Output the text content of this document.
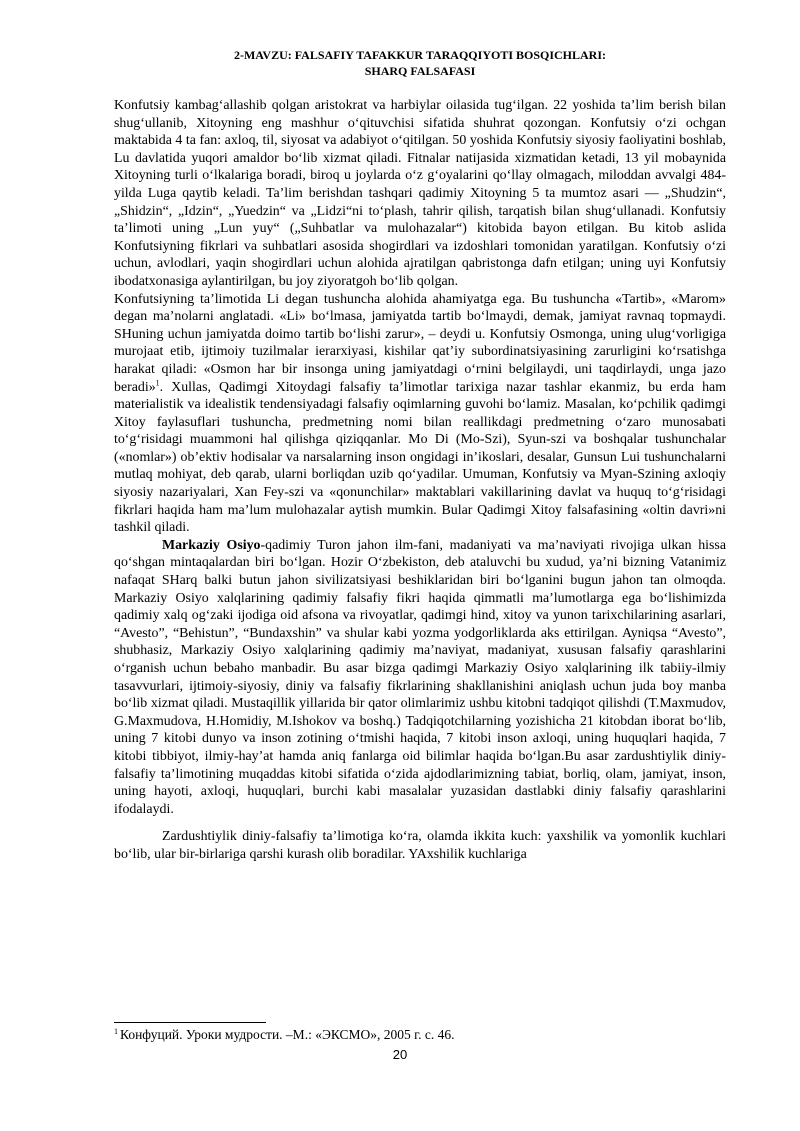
2-MAVZU: FALSAFIY TAFAKKUR TARAQQIYOTI BOSQICHLARI:
SHARQ FALSAFASI

Konfutsiy kambag‘allashib qolgan aristokrat va harbiylar oilasida tug‘ilgan. 22 yoshida ta’lim berish bilan shug‘ullanib, Xitoyning eng mashhur o‘qituvchisi sifatida shuhrat qozongan. Konfutsiy o‘zi ochgan maktabida 4 ta fan: axloq, til, siyosat va adabiyot o‘qitilgan. 50 yoshida Konfutsiy siyosiy faoliyatini boshlab, Lu davlatida yuqori amaldor bo‘lib xizmat qiladi. Fitnalar natijasida xizmatidan ketadi, 13 yil mobaynida Xitoyning turli o‘lkalariga boradi, biroq u joylarda o‘z g‘oyalarini qo‘llay olmagach, miloddan avvalgi 484-yilda Luga qaytib keladi. Ta’lim berishdan tashqari qadimiy Xitoyning 5 ta mumtoz asari — „Shudzin“, „Shidzin“, „Idzin“, „Yuedzin“ va „Lidzi“ni to‘plash, tahrir qilish, tarqatish bilan shug‘ullanadi. Konfutsiy ta’limoti uning „Lun yuy“ („Suhbatlar va mulohazalar“) kitobida bayon etilgan. Bu kitob aslida Konfutsiyning fikrlari va suhbatlari asosida shogirdlari va izdoshlari tomonidan yaratilgan. Konfutsiy o‘zi uchun, avlodlari, yaqin shogirdlari uchun alohida ajratilgan qabristonga dafn etilgan; uning uyi Konfutsiy ibodatxonasiga aylantirilgan, bu joy ziyoratgoh bo‘lib qolgan.

Konfutsiyning ta’limotida Li degan tushuncha alohida ahamiyatga ega. Bu tushuncha «Tartib», «Marom» degan ma’nolarni anglatadi. «Li» bo‘lmasa, jamiyatda tartib bo‘lmaydi, demak, jamiyat ravnaq topmaydi. SHuning uchun jamiyatda doimo tartib bo‘lishi zarur», – deydi u. Konfutsiy Osmonga, uning ulug‘vorligiga murojaat etib, ijtimoiy tuzilmalar ierarxiyasi, kishilar qat’iy subordinatsiyasining zarurligini ko‘rsatishga harakat qiladi: «Osmon har bir insonga uning jamiyatdagi o‘rnini belgilaydi, uni taqdirlaydi, unga jazo beradi»$^1$. Xullas, Qadimgi Xitoydagi falsafiy ta’limotlar tarixiga nazar tashlar ekanmiz, bu erda ham materialistik va idealistik tendensiyadagi falsafiy oqimlarning guvohi bo‘lamiz. Masalan, ko‘pchilik qadimgi Xitoy faylasuflari tushuncha, predmetning nomi bilan reallikdagi predmetning o‘zaro munosabati to‘g‘risidagi muammoni hal qilishga qiziqqanlar. Mo Di (Mo-Szi), Syun-szi va boshqalar tushunchalar («nomlar») ob’ektiv hodisalar va narsalarning inson ongidagi in’ikoslari, desalar, Gunsun Lui tushunchalarni mutlaq mohiyat, deb qarab, ularni borliqdan uzib qo‘yadilar. Umuman, Konfutsiy va Myan-Szining axloqiy siyosiy nazariyalari, Xan Fey-szi va «qonunchilar» maktablari vakillarining davlat va huquq to‘g‘risidagi fikrlari haqida ham ma’lum mulohazalar aytish mumkin. Bular Qadimgi Xitoy falsafasining «oltin davri»ni tashkil qiladi.

Markaziy Osiyo-qadimiy Turon jahon ilm-fani, madaniyati va ma’naviyati rivojiga ulkan hissa qo‘shgan mintaqalardan biri bo‘lgan. Hozir O‘zbekiston, deb ataluvchi bu xudud, ya’ni bizning Vatanimiz nafaqat SHarq balki butun jahon sivilizatsiyasi beshiklaridan biri bo‘lganini bugun jahon tan olmoqda. Markaziy Osiyo xalqlarining qadimiy falsafiy fikri haqida qimmatli ma’lumotlarga ega bo‘lishimizda qadimiy xalq og‘zaki ijodiga oid afsona va rivoyatlar, qadimgi hind, xitoy va yunon tarixchilarining asarlari, “Avesto”, “Behistun”, “Bundaxshin” va shular kabi yozma yodgorliklarda aks ettirilgan. Ayniqsa “Avesto”, shubhasiz, Markaziy Osiyo xalqlarining qadimiy ma’naviyat, madaniyat, xususan falsafiy qarashlarini o‘rganish uchun bebaho manbadir. Bu asar bizga qadimgi Markaziy Osiyo xalqlarining ilk tabiiy-ilmiy tasavvurlari, ijtimoiy-siyosiy, diniy va falsafiy fikrlarining shakllanishini aniqlash uchun juda boy manba bo‘lib xizmat qiladi. Mustaqillik yillarida bir qator olimlarimiz ushbu kitobni tadqiqot qilishdi (T.Maxmudov, G.Maxmudova, H.Homidiy, M.Ishokov va boshq.) Tadqiqotchilarning yozishicha 21 kitobdan iborat bo‘lib, uning 7 kitobi dunyo va inson zotining o‘tmishi haqida, 7 kitobi inson axloqi, uning huquqlari haqida, 7 kitobi tibbiyot, ilmiy-hay’at hamda aniq fanlarga oid bilimlar haqida bo‘lgan.Bu asar zardushtiylik diniy-falsafiy ta’limotining muqaddas kitobi sifatida o‘zida ajdodlarimizning tabiat, borliq, olam, jamiyat, inson, uning hayoti, axloqi, huquqlari, burchi kabi masalalar yuzasidan dastlabki diniy falsafiy qarashlarini ifodalaydi.

Zardushtiylik diniy-falsafiy ta’limotiga ko‘ra, olamda ikkita kuch: yaxshilik va yomonlik kuchlari bo‘lib, ular bir-birlariga qarshi kurash olib boradilar. YAxshilik kuchlariga

$^1$ Конфуций. Уроки мудрости. –М.: «ЭКСМО», 2005 г. с. 46.
20
